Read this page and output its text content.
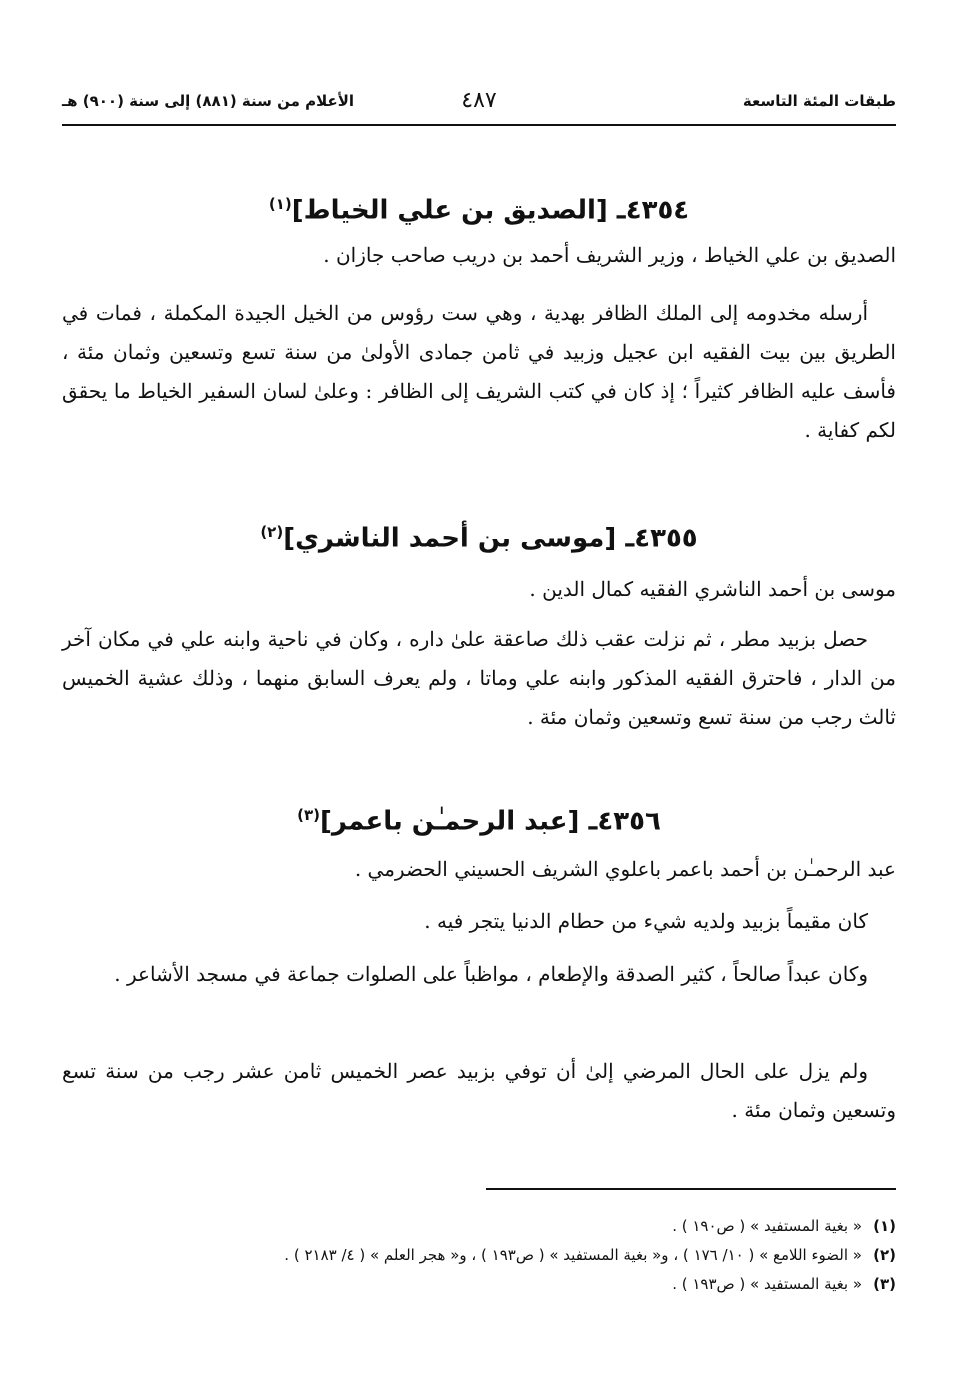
طبقات المئة التاسعة
٤٨٧
الأعلام من سنة (٨٨١) إلى سنة (٩٠٠) هـ
٤٣٥٤ـ [الصديق بن علي الخياط]$^{(١)}$

الصديق بن علي الخياط ، وزير الشريف أحمد بن دريب صاحب جازان .

أرسله مخدومه إلى الملك الظافر بهدية ، وهي ست رؤوس من الخيل الجيدة المكملة ، فمات في الطريق بين بيت الفقيه ابن عجيل وزبيد في ثامن جمادى الأولىٰ من سنة تسع وتسعين وثمان مئة ، فأسف عليه الظافر كثيراً ؛ إذ كان في كتب الشريف إلى الظافر : وعلىٰ لسان السفير الخياط ما يحقق لكم كفاية .

٤٣٥٥ـ [موسى بن أحمد الناشري]$^{(٢)}$

موسى بن أحمد الناشري الفقيه كمال الدين .

حصل بزبيد مطر ، ثم نزلت عقب ذلك صاعقة علىٰ داره ، وكان في ناحية وابنه علي في مكان آخر من الدار ، فاحترق الفقيه المذكور وابنه علي وماتا ، ولم يعرف السابق منهما ، وذلك عشية الخميس ثالث رجب من سنة تسع وتسعين وثمان مئة .

٤٣٥٦ـ [عبد الرحمـٰن باعمر]$^{(٣)}$

عبد الرحمـٰن بن أحمد باعمر باعلوي الشريف الحسيني الحضرمي .

كان مقيماً بزبيد ولديه شيء من حطام الدنيا يتجر فيه .

وكان عبداً صالحاً ، كثير الصدقة والإطعام ، مواظباً على الصلوات جماعة في مسجد الأشاعر .

ولم يزل على الحال المرضي إلىٰ أن توفي بزبيد عصر الخميس ثامن عشر رجب من سنة تسع وتسعين وثمان مئة .

(١)
« بغية المستفيد » ( ص١٩٠ ) .
(٢)
« الضوء اللامع » ( ١٠/ ١٧٦ ) ، و« بغية المستفيد » ( ص١٩٣ ) ، و« هجر العلم » ( ٤/ ٢١٨٣ ) .
(٣)
« بغية المستفيد » ( ص١٩٣ ) .
